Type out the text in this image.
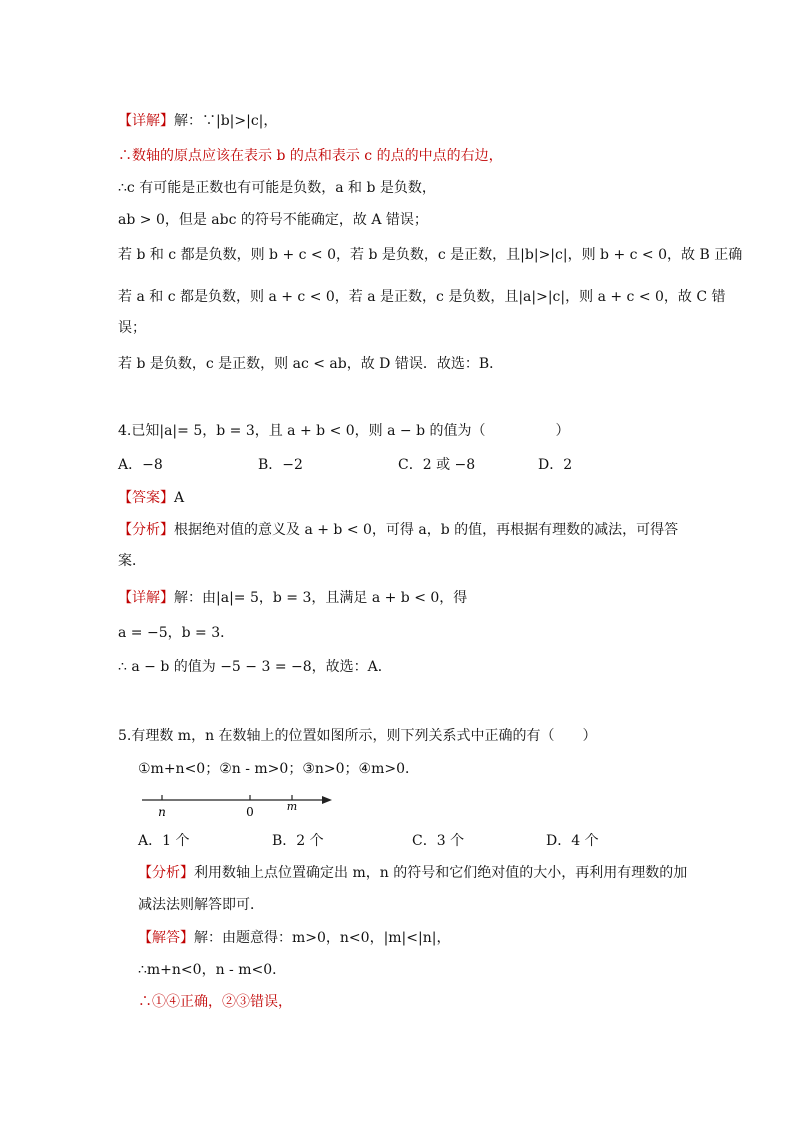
【详解】解：∵|b|>|c|，
∴数轴的原点应该在表示 b 的点和表示 c 的点的中点的右边，
∴c 有可能是正数也有可能是负数，a 和 b 是负数，
ab > 0，但是 abc 的符号不能确定，故 A 错误；
若 b 和 c 都是负数，则 b + c < 0，若 b 是负数，c 是正数，且|b|>|c|，则 b + c < 0，故 B 正确
若 a 和 c 都是负数，则 a + c < 0，若 a 是正数，c 是负数，且|a|>|c|，则 a + c < 0，故 C 错
误；
若 b 是负数，c 是正数，则 ac < ab，故 D 错误．故选：B．
4.已知|a|= 5，b = 3，且 a + b < 0，则 a − b 的值为（　　　　　）
【答案】A
【分析】根据绝对值的意义及 a + b < 0，可得 a，b 的值，再根据有理数的减法，可得答
案．
【详解】解：由|a|= 5，b = 3，且满足 a + b < 0，得
a = −5，b = 3．
∴ a − b 的值为 −5 − 3 = −8，故选：A．
5.有理数 m，n 在数轴上的位置如图所示，则下列关系式中正确的有（　　）
①m+n<0；②n - m>0；③n>0；④m>0．
【分析】利用数轴上点位置确定出 m，n 的符号和它们绝对值的大小，再利用有理数的加
减法法则解答即可．
【解答】解：由题意得：m>0，n<0，|m|<|n|，
∴m+n<0，n - m<0．
∴①④正确，②③错误，
A．−8	B．−2	C．2 或 −8	D．2
n	0	m
A．1 个	B．2 个	C．3 个	D．4 个
